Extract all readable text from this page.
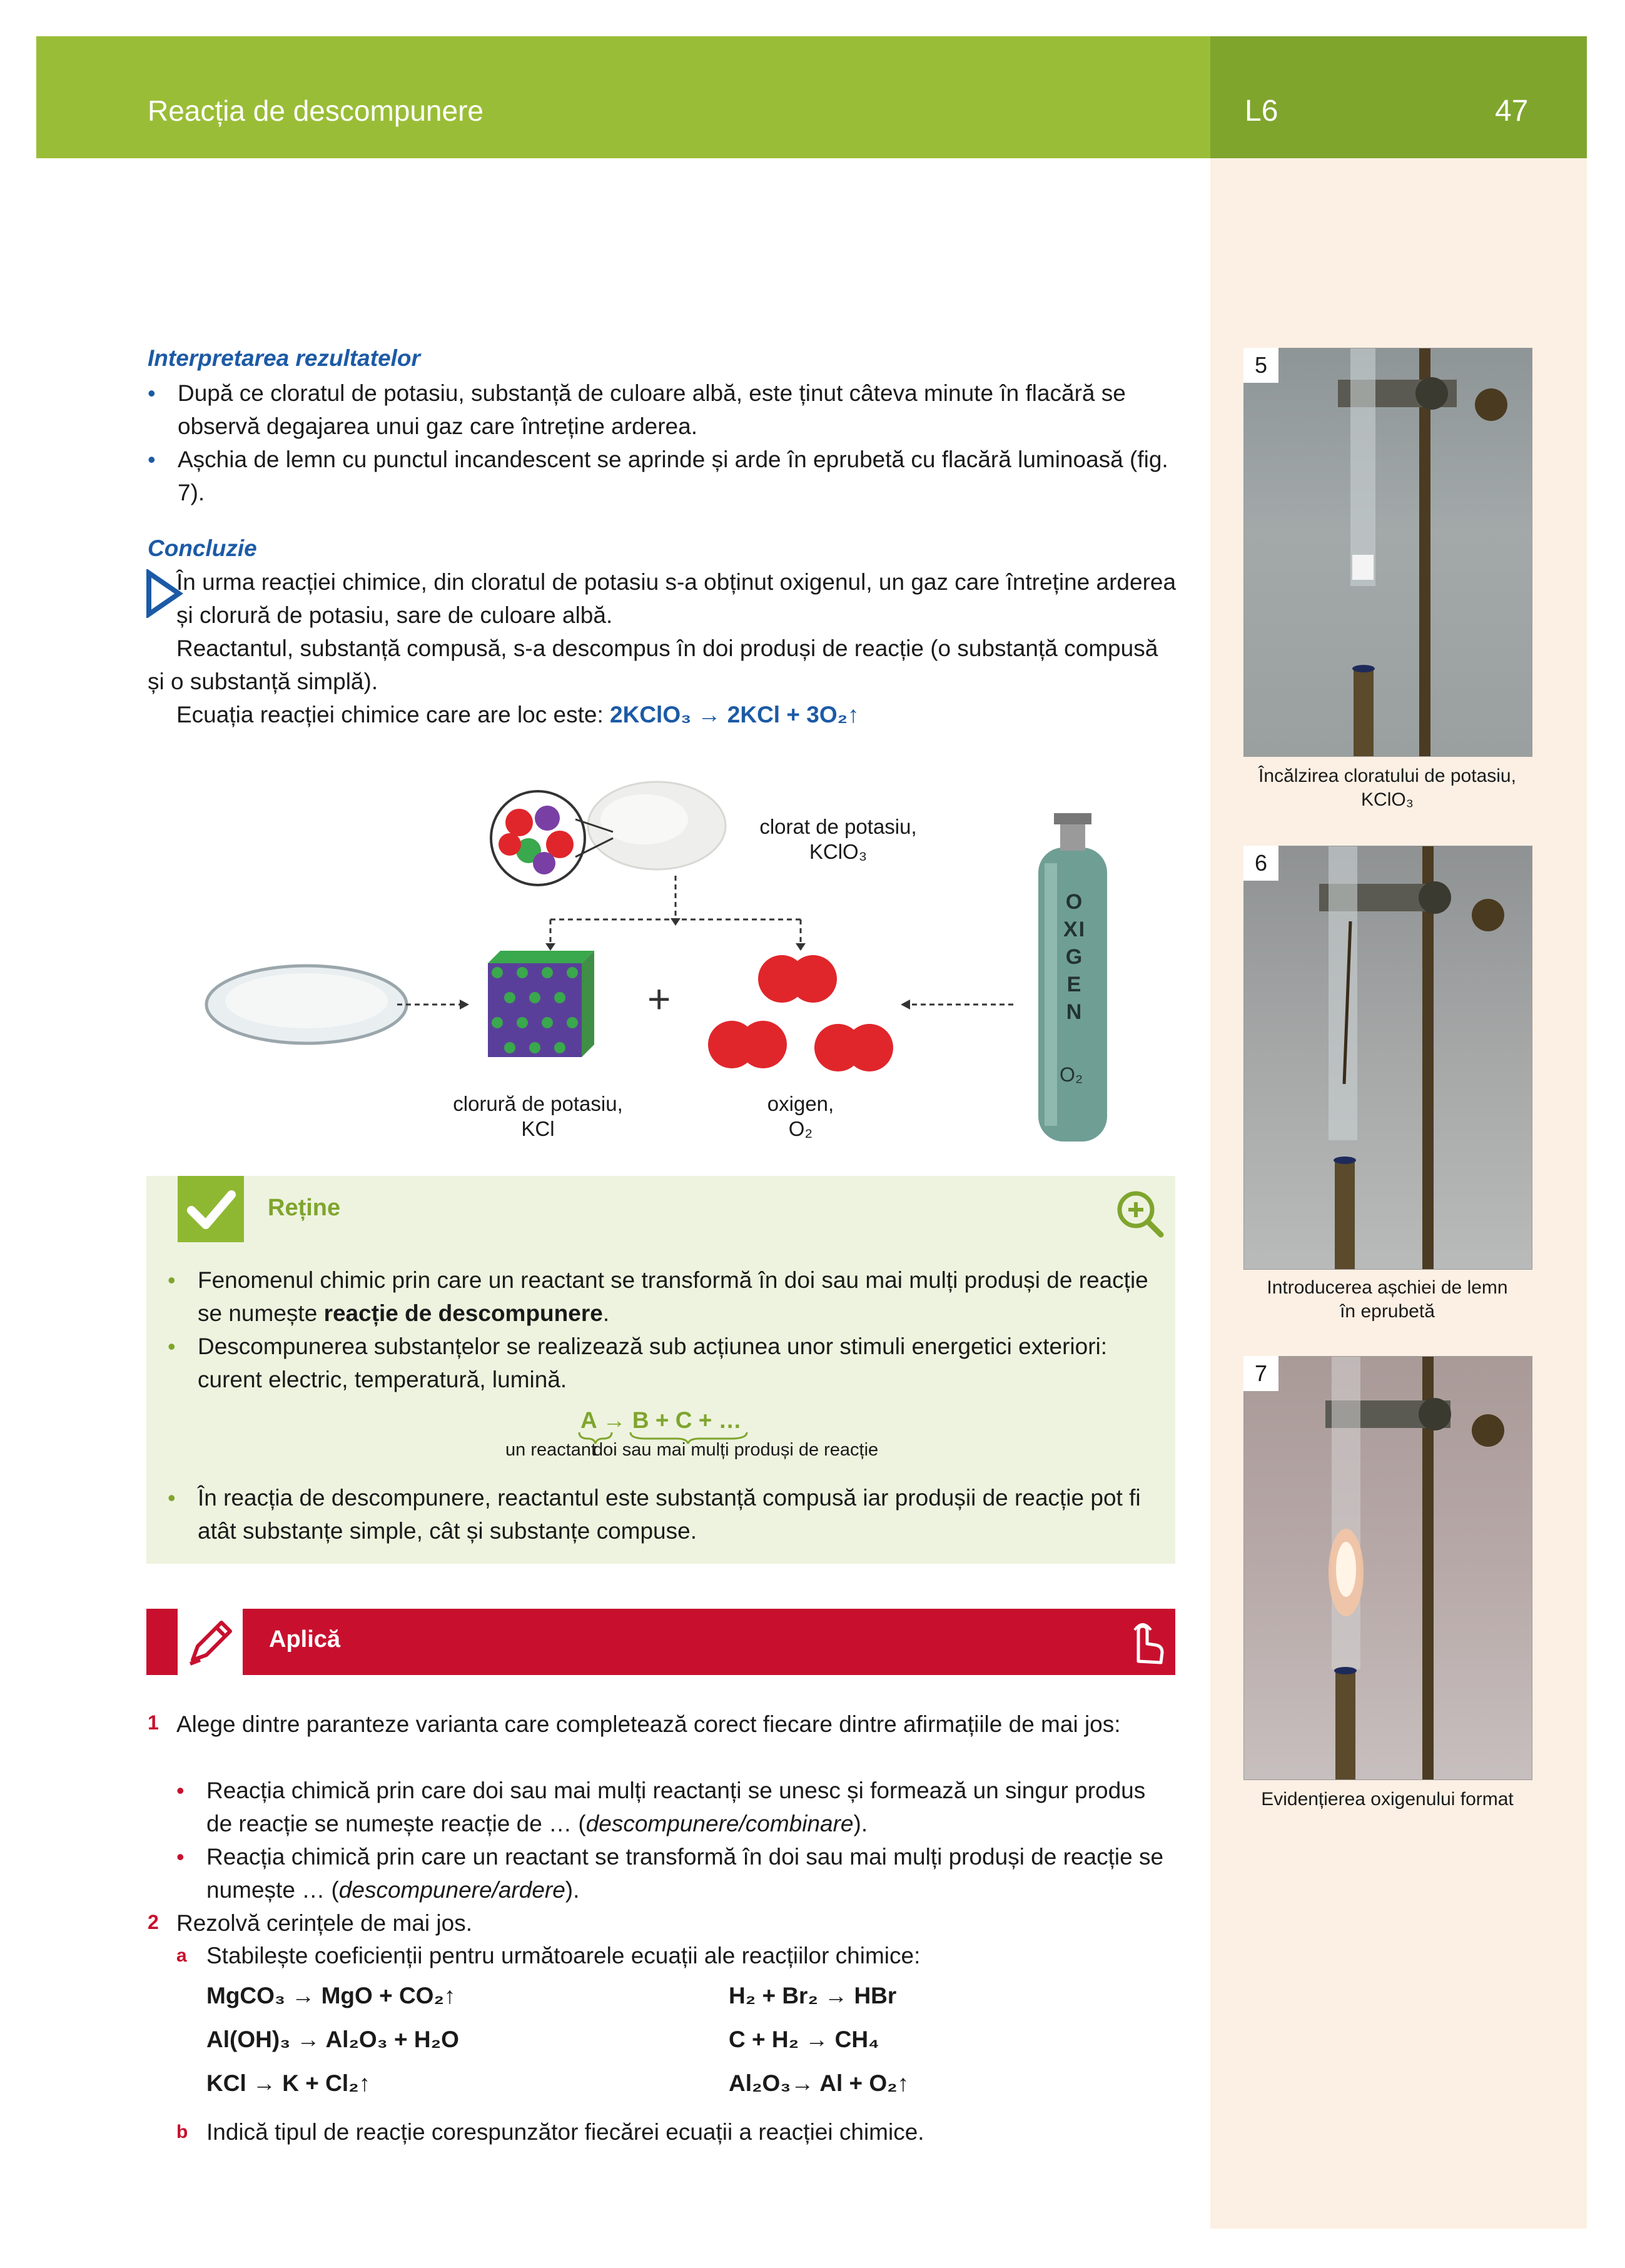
Reacția de descompunere	L6	47
Interpretarea rezultatelor
• După ce cloratul de potasiu, substanță de culoare albă, este ținut câteva minute în flacără se observă degajarea unui gaz care întreține arderea.
• Așchia de lemn cu punctul incandescent se aprinde și arde în eprubetă cu flacără luminoasă (fig. 7).
Concluzie
În urma reacției chimice, din cloratul de potasiu s-a obținut oxigenul, un gaz care întreține arderea și clorură de potasiu, sare de culoare albă.
Reactantul, substanță compusă, s-a descompus în doi produși de reacție (o substanță compusă și o substanță simplă).
Ecuația reacției chimice care are loc este: 2KClO₃ → 2KCl + 3O₂↑
OXIGEN
O₂
+
clorat de potasiu,
KClO₃
clorură de potasiu,
KCl
oxigen,
O₂
Reține
• Fenomenul chimic prin care un reactant se transformă în doi sau mai mulți produși de reacție se numește reacție de descompunere.
• Descompunerea substanțelor se realizează sub acțiunea unor stimuli energetici exteriori: curent electric, temperatură, lumină.
A → B + C + …
un reactant
doi sau mai mulți produși de reacție
• În reacția de descompunere, reactantul este substanță compusă iar produșii de reacție pot fi atât substanțe simple, cât și substanțe compuse.
Aplică
1 Alege dintre paranteze varianta care completează corect fiecare dintre afirmațiile de mai jos:
• Reacția chimică prin care doi sau mai mulți reactanți se unesc și formează un singur produs de reacție se numește reacție de … (descompunere/combinare).
• Reacția chimică prin care un reactant se transformă în doi sau mai mulți produși de reacție se numește … (descompunere/ardere).
2 Rezolvă cerințele de mai jos.
a Stabilește coeficienții pentru următoarele ecuații ale reacțiilor chimice:
MgCO₃ → MgO + CO₂↑	H₂ + Br₂ → HBr
Al(OH)₃ → Al₂O₃ + H₂O	C + H₂ → CH₄
KCl → K + Cl₂↑	Al₂O₃→ Al + O₂↑
b Indică tipul de reacție corespunzător fiecărei ecuații a reacției chimice.
5
Încălzirea cloratului de potasiu,
KClO₃
6
Introducerea așchiei de lemn
în eprubetă
7
Evidențierea oxigenului format
